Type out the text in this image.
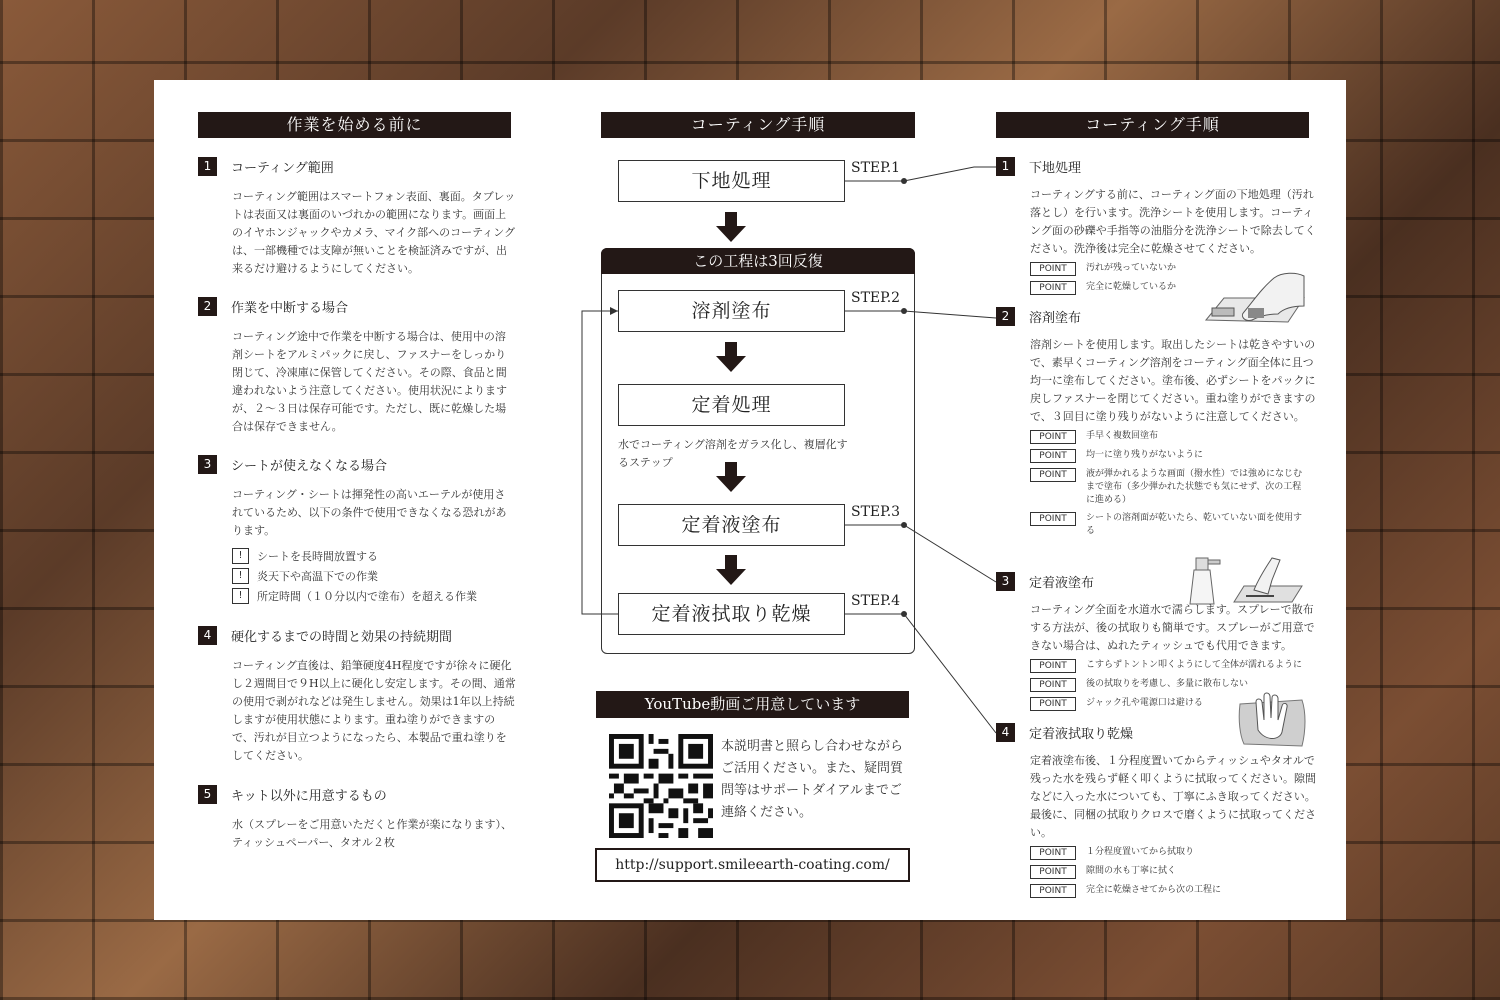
作業を始める前に
1	コーティング範囲
コーティング範囲はスマートフォン表面、裏面。タブレットは表面又は裏面のいづれかの範囲になります。画面上のイヤホンジャックやカメラ、マイク部へのコーティングは、一部機種では支障が無いことを検証済みですが、出来るだけ避けるようにしてください。
2	作業を中断する場合
コーティング途中で作業を中断する場合は、使用中の溶剤シートをアルミパックに戻し、ファスナーをしっかり閉じて、冷凍庫に保管してください。その際、食品と間違われないよう注意してください。使用状況によりますが、２〜３日は保存可能です。ただし、既に乾燥した場合は保存できません。
3	シートが使えなくなる場合
コーティング・シートは揮発性の高いエーテルが使用されているため、以下の条件で使用できなくなる恐れがあります。
!	シートを長時間放置する
!	炎天下や高温下での作業
!	所定時間（１０分以内で塗布）を超える作業
4	硬化するまでの時間と効果の持続期間
コーティング直後は、鉛筆硬度4H程度ですが徐々に硬化し２週間目で９H以上に硬化し安定します。その間、通常の使用で剥がれなどは発生しません。効果は1年以上持続しますが使用状態によります。重ね塗りができますので、汚れが目立つようになったら、本製品で重ね塗りをしてください。
5	キット以外に用意するもの
水（スプレーをご用意いただくと作業が楽になります）、ティッシュペーパー、タオル２枚
コーティング手順
この工程は3回反復
下地処理
溶剤塗布
定着処理
定着液塗布
定着液拭取り乾燥
STEP.1
STEP.2
STEP.3
STEP.4
水でコーティング溶剤をガラス化し、複層化するステップ
YouTube動画ご用意しています
本説明書と照らし合わせながらご活用ください。また、疑問質問等はサポートダイアルまでご連絡ください。
http://support.smileearth-coating.com/
コーティング手順
1	下地処理
コーティングする前に、コーティング面の下地処理（汚れ落とし）を行います。洗浄シートを使用します。コーティング面の砂礫や手指等の油脂分を洗浄シートで除去してください。洗浄後は完全に乾燥させてください。
POINT	汚れが残っていないか
POINT	完全に乾燥しているか
2	溶剤塗布
溶剤シートを使用します。取出したシートは乾きやすいので、素早くコーティング溶剤をコーティング面全体に且つ均一に塗布してください。塗布後、必ずシートをパックに戻しファスナーを閉じてください。重ね塗りができますので、３回目に塗り残りがないように注意してください。
POINT	手早く複数回塗布
POINT	均一に塗り残りがないように
POINT	液が弾かれるような画面（撥水性）では強めになじむまで塗布（多少弾かれた状態でも気にせず、次の工程に進める）
POINT	シートの溶剤面が乾いたら、乾いていない面を使用する
3	定着液塗布
コーティング全面を水道水で濡らします。スプレーで散布する方法が、後の拭取りも簡単です。スプレーがご用意できない場合は、ぬれたティッシュでも代用できます。
POINT	こすらずトントン叩くようにして全体が濡れるように
POINT	後の拭取りを考慮し、多量に散布しない
POINT	ジャック孔や電源口は避ける
4	定着液拭取り乾燥
定着液塗布後、１分程度置いてからティッシュやタオルで残った水を残らず軽く叩くように拭取ってください。隙間などに入った水についても、丁寧にふき取ってください。最後に、同梱の拭取りクロスで磨くように拭取ってください。
POINT	１分程度置いてから拭取り
POINT	隙間の水も丁寧に拭く
POINT	完全に乾燥させてから次の工程に
